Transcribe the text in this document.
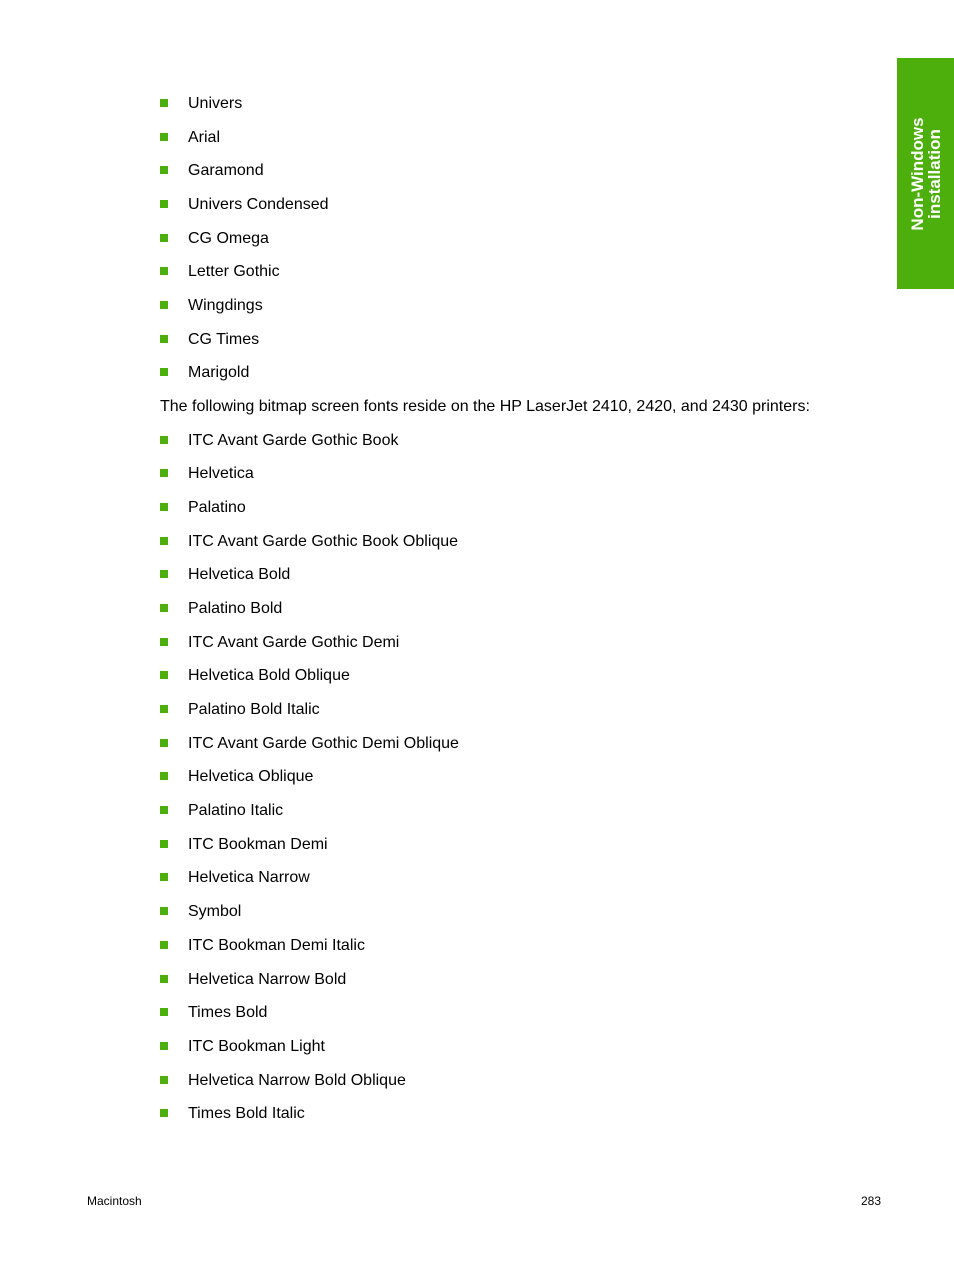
Non-Windows
installation
Univers
Arial
Garamond
Univers Condensed
CG Omega
Letter Gothic
Wingdings
CG Times
Marigold

The following bitmap screen fonts reside on the HP LaserJet 2410, 2420, and 2430 printers:

ITC Avant Garde Gothic Book
Helvetica
Palatino
ITC Avant Garde Gothic Book Oblique
Helvetica Bold
Palatino Bold
ITC Avant Garde Gothic Demi
Helvetica Bold Oblique
Palatino Bold Italic
ITC Avant Garde Gothic Demi Oblique
Helvetica Oblique
Palatino Italic
ITC Bookman Demi
Helvetica Narrow
Symbol
ITC Bookman Demi Italic
Helvetica Narrow Bold
Times Bold
ITC Bookman Light
Helvetica Narrow Bold Oblique
Times Bold Italic
Macintosh	283
